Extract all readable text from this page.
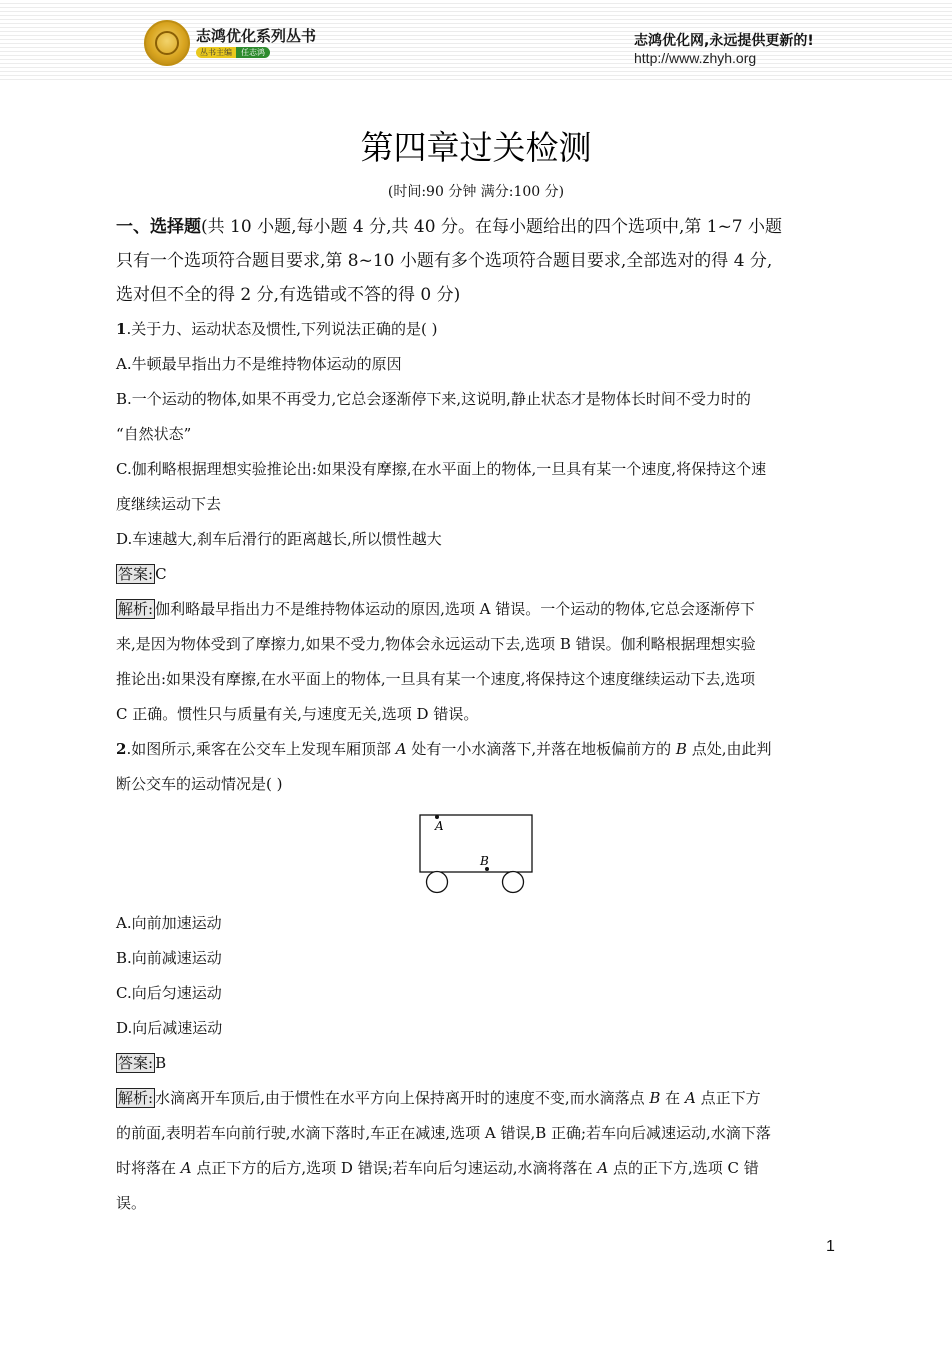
志鸿优化系列丛书
丛书主编 任志鸿
志鸿优化网,永远提供更新的!
http://www.zhyh.org
第四章过关检测
(时间:90 分钟 满分:100 分)
一、选择题(共 10 小题,每小题 4 分,共 40 分。在每小题给出的四个选项中,第 1~7 小题
只有一个选项符合题目要求,第 8~10 小题有多个选项符合题目要求,全部选对的得 4 分,
选对但不全的得 2 分,有选错或不答的得 0 分)
1.关于力、运动状态及惯性,下列说法正确的是( )
A.牛顿最早指出力不是维持物体运动的原因
B.一个运动的物体,如果不再受力,它总会逐渐停下来,这说明,静止状态才是物体长时间不受力时的
“自然状态”
C.伽利略根据理想实验推论出:如果没有摩擦,在水平面上的物体,一旦具有某一个速度,将保持这个速
度继续运动下去
D.车速越大,刹车后滑行的距离越长,所以惯性越大
答案: C
解析: 伽利略最早指出力不是维持物体运动的原因,选项 A 错误。一个运动的物体,它总会逐渐停下
来,是因为物体受到了摩擦力,如果不受力,物体会永远运动下去,选项 B 错误。伽利略根据理想实验
推论出:如果没有摩擦,在水平面上的物体,一旦具有某一个速度,将保持这个速度继续运动下去,选项
C 正确。惯性只与质量有关,与速度无关,选项 D 错误。
2.如图所示,乘客在公交车上发现车厢顶部 A 处有一小水滴落下,并落在地板偏前方的 B 点处,由此判
断公交车的运动情况是( )
A
B
A.向前加速运动
B.向前减速运动
C.向后匀速运动
D.向后减速运动
答案: B
解析: 水滴离开车顶后,由于惯性在水平方向上保持离开时的速度不变,而水滴落点 B 在 A 点正下方
的前面,表明若车向前行驶,水滴下落时,车正在减速,选项 A 错误,B 正确;若车向后减速运动,水滴下落
时将落在 A 点正下方的后方,选项 D 错误;若车向后匀速运动,水滴将落在 A 点的正下方,选项 C 错
误。
1
